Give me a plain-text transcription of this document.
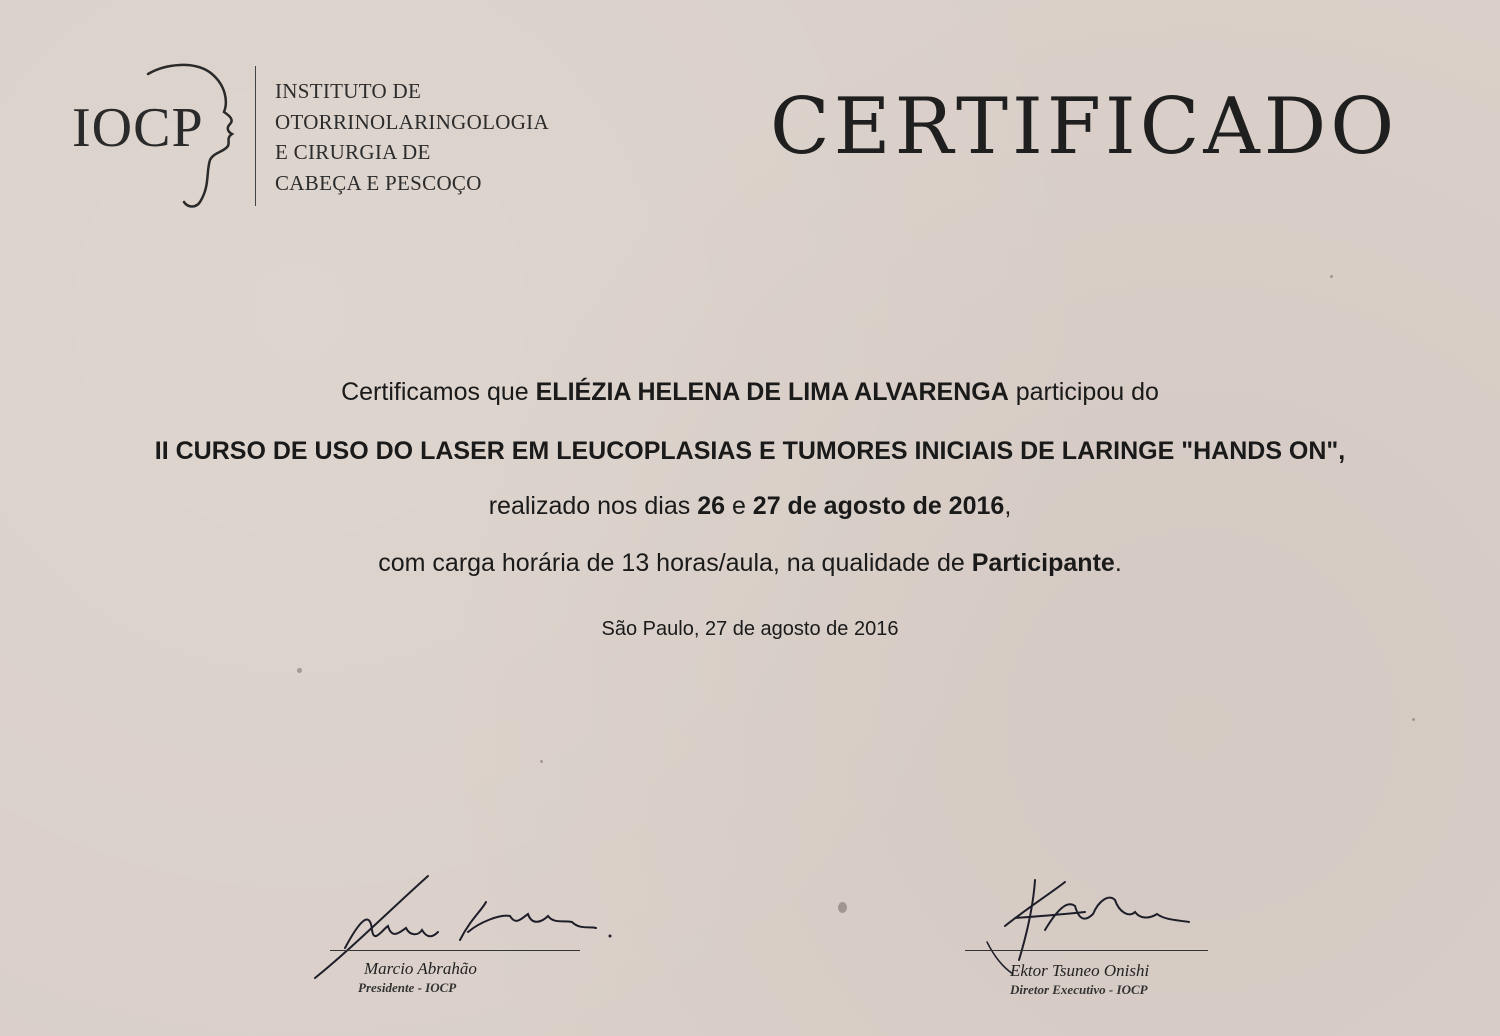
IOCP
INSTITUTO DE
OTORRINOLARINGOLOGIA
E CIRURGIA DE
CABEÇA E PESCOÇO
CERTIFICADO
Certificamos que ELIÉZIA HELENA DE LIMA ALVARENGA participou do
II CURSO DE USO DO LASER EM LEUCOPLASIAS E TUMORES INICIAIS DE LARINGE "HANDS ON",
realizado nos dias 26 e 27 de agosto de 2016,
com carga horária de 13 horas/aula, na qualidade de Participante.
São Paulo, 27 de agosto de 2016
Marcio Abrahão
Presidente - IOCP
Ektor Tsuneo Onishi
Diretor Executivo - IOCP
